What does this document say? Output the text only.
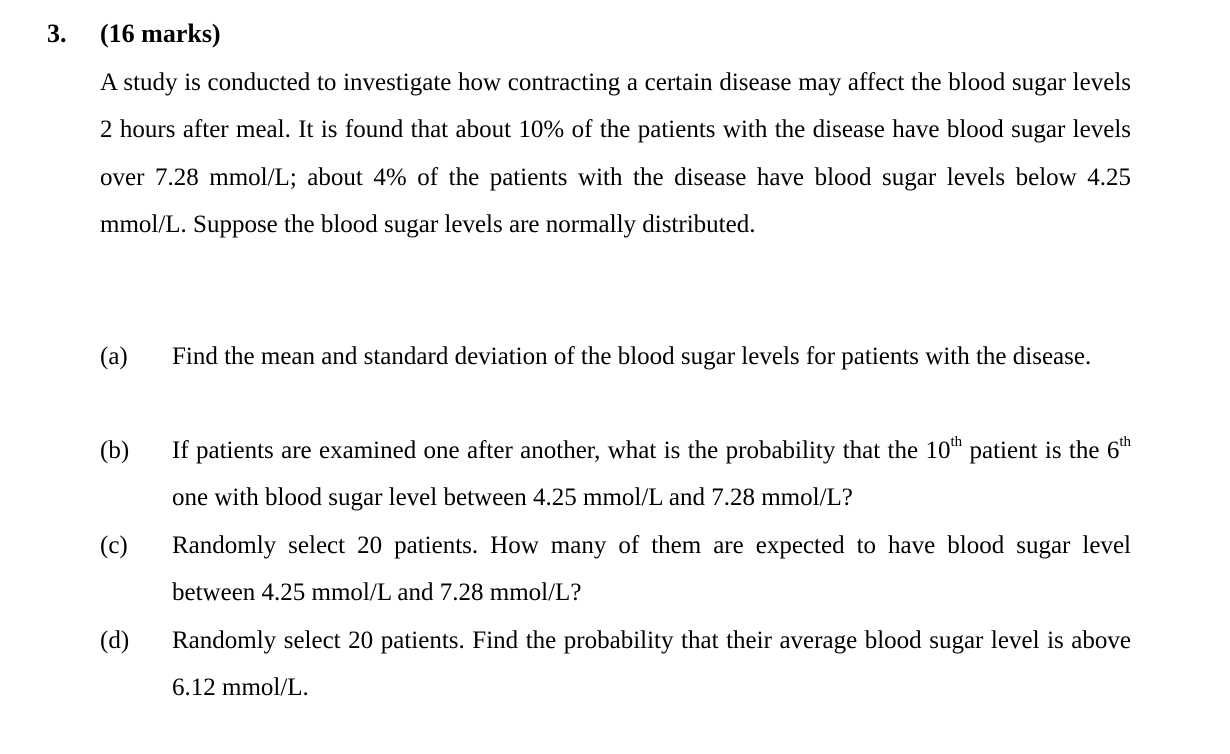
3. (16 marks)

A study is conducted to investigate how contracting a certain disease may affect the blood sugar levels 2 hours after meal. It is found that about 10% of the patients with the disease have blood sugar levels over 7.28 mmol/L; about 4% of the patients with the disease have blood sugar levels below 4.25 mmol/L. Suppose the blood sugar levels are normally distributed.

(a) Find the mean and standard deviation of the blood sugar levels for patients with the disease.

(b) If patients are examined one after another, what is the probability that the 10th patient is the 6th one with blood sugar level between 4.25 mmol/L and 7.28 mmol/L?

(c) Randomly select 20 patients. How many of them are expected to have blood sugar level between 4.25 mmol/L and 7.28 mmol/L?

(d) Randomly select 20 patients. Find the probability that their average blood sugar level is above 6.12 mmol/L.
